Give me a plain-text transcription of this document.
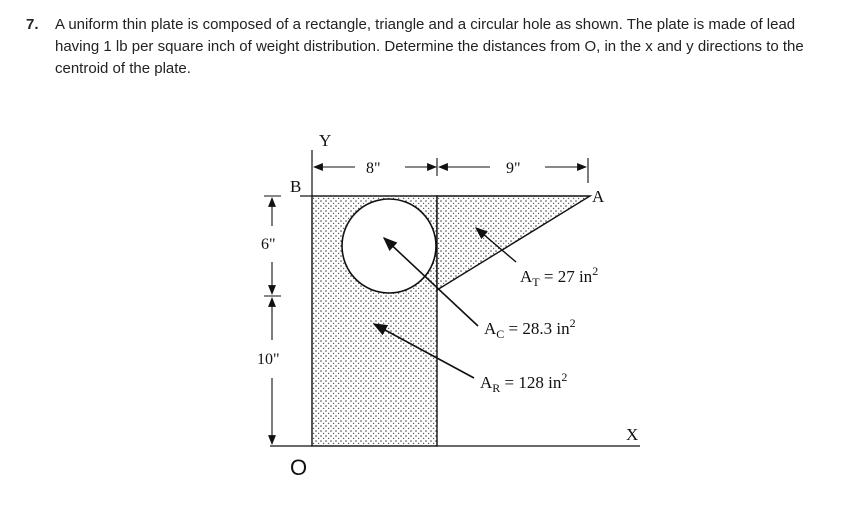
7. A uniform thin plate is composed of a rectangle, triangle and a circular hole as shown. The plate is made of lead having 1 lb per square inch of weight distribution. Determine the distances from O, in the x and y directions to the centroid of the plate.
Y
B
A
8"	9"
6"
10"
X
O
$A_T = 27$ $in^2$
$A_C = 28.3$ $in^2$
$A_R = 128$ $in^2$
